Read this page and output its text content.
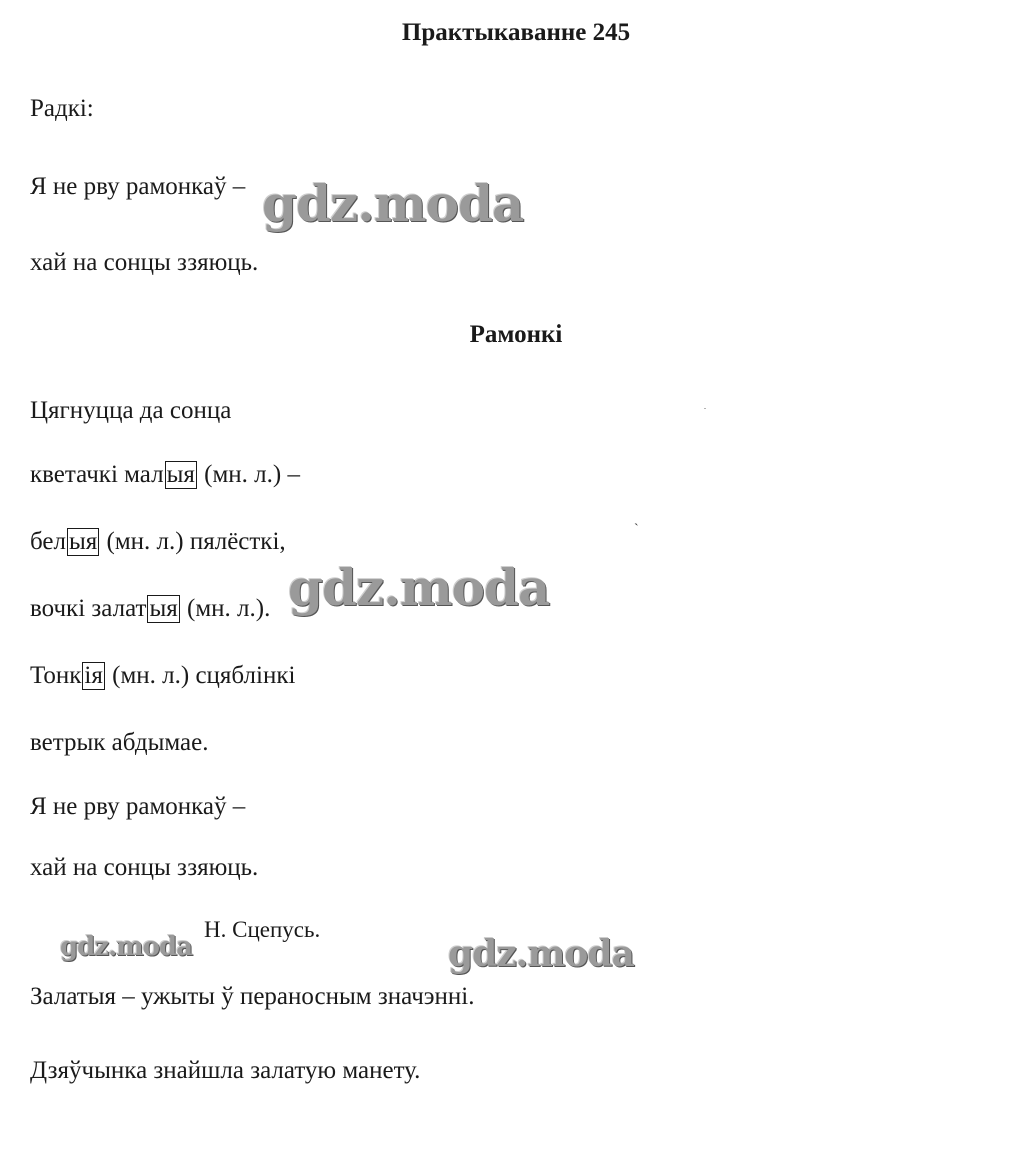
Практыкаванне 245
Радкі:
Я не рву рамонкаў –
хай на сонцы ззяюць.
Рамонкі
Цягнуцца да сонца
кветачкі мал ыя (мн. л.) –
бел ыя (мн. л.) пялёсткі,
вочкі залат ыя (мн. л.).
Тонк ія (мн. л.) сцяблінкі
ветрык абдымае.
Я не рву рамонкаў –
хай на сонцы ззяюць.
Н. Сцепусь.
Залатыя – ужыты ў пераносным значэнні.
Дзяўчынка знайшла залатую манету.
gdz.moda
gdz.moda
gdz.moda	gdz.moda
`
.
